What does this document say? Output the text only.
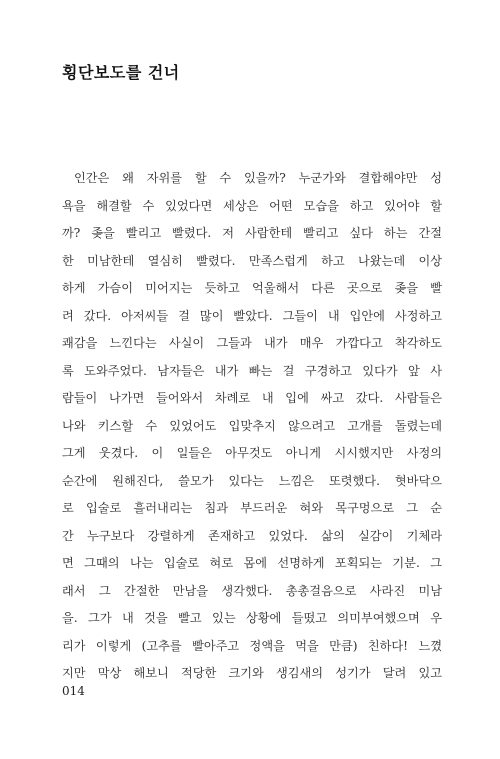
횡단보도를 건너
인간은 왜 자위를 할 수 있을까? 누군가와 결합해야만 성
욕을 해결할 수 있었다면 세상은 어떤 모습을 하고 있어야 할
까? 좆을 빨리고 빨렸다. 저 사람한테 빨리고 싶다 하는 간절
한 미남한테 열심히 빨렸다. 만족스럽게 하고 나왔는데 이상
하게 가슴이 미어지는 듯하고 억울해서 다른 곳으로 좆을 빨
려 갔다. 아저씨들 걸 많이 빨았다. 그들이 내 입안에 사정하고
쾌감을 느낀다는 사실이 그들과 내가 매우 가깝다고 착각하도
록 도와주었다. 남자들은 내가 빠는 걸 구경하고 있다가 앞 사
람들이 나가면 들어와서 차례로 내 입에 싸고 갔다. 사람들은
나와 키스할 수 있었어도 입맞추지 않으려고 고개를 돌렸는데
그게 웃겼다. 이 일들은 아무것도 아니게 시시했지만 사정의
순간에 원해진다, 쓸모가 있다는 느낌은 또렷했다. 혓바닥으
로 입술로 흘러내리는 침과 부드러운 혀와 목구멍으로 그 순
간 누구보다 강렬하게 존재하고 있었다. 삶의 실감이 기체라
면 그때의 나는 입술로 혀로 몸에 선명하게 포획되는 기분. 그
래서 그 간절한 만남을 생각했다. 총총걸음으로 사라진 미남
을. 그가 내 것을 빨고 있는 상황에 들떴고 의미부여했으며 우
리가 이렇게 (고추를 빨아주고 정액을 먹을 만큼) 친하다! 느꼈
지만 막상 해보니 적당한 크기와 생김새의 성기가 달려 있고
014
